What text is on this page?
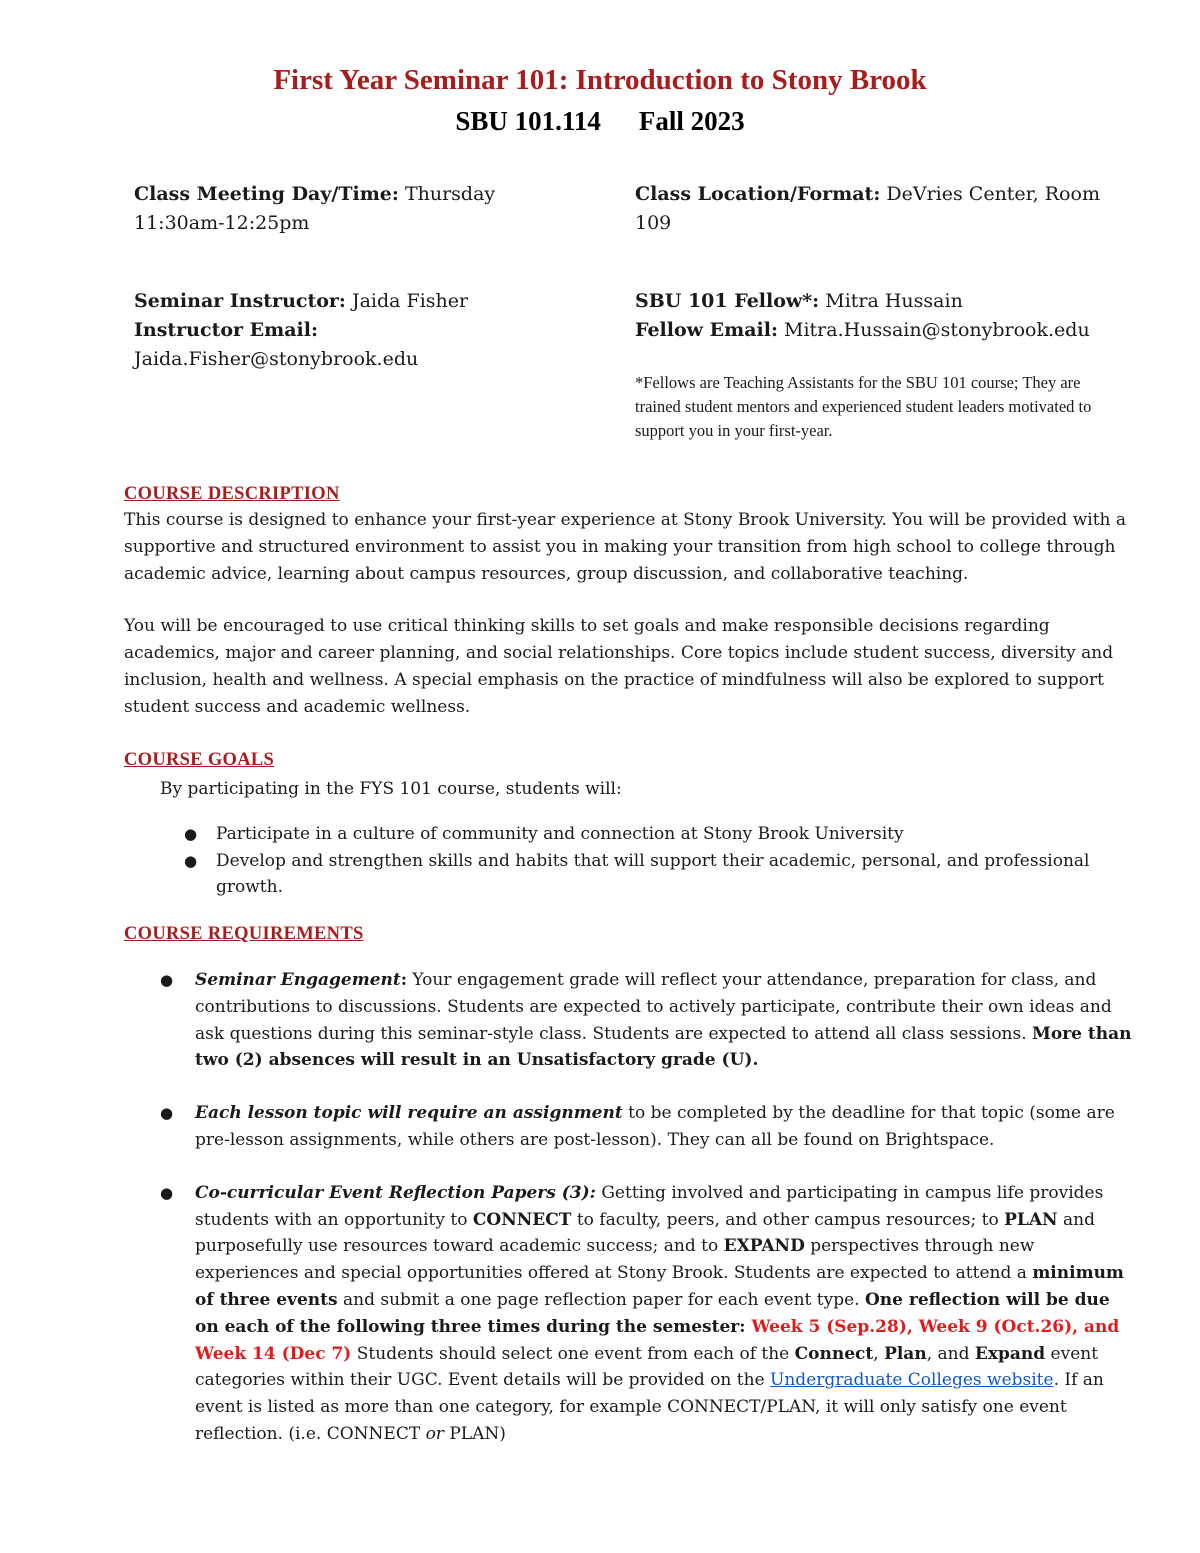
First Year Seminar 101: Introduction to Stony Brook
SBU 101.114 Fall 2023
Class Meeting Day/Time: Thursday 11:30am-12:25pm
Class Location/Format: DeVries Center, Room 109
Seminar Instructor: Jaida Fisher
Instructor Email: Jaida.Fisher@stonybrook.edu
SBU 101 Fellow*: Mitra Hussain
Fellow Email: Mitra.Hussain@stonybrook.edu
*Fellows are Teaching Assistants for the SBU 101 course; They are trained student mentors and experienced student leaders motivated to support you in your first-year.
COURSE DESCRIPTION
This course is designed to enhance your first-year experience at Stony Brook University. You will be provided with a supportive and structured environment to assist you in making your transition from high school to college through academic advice, learning about campus resources, group discussion, and collaborative teaching.
You will be encouraged to use critical thinking skills to set goals and make responsible decisions regarding academics, major and career planning, and social relationships. Core topics include student success, diversity and inclusion, health and wellness. A special emphasis on the practice of mindfulness will also be explored to support student success and academic wellness.
COURSE GOALS
By participating in the FYS 101 course, students will:
● Participate in a culture of community and connection at Stony Brook University
● Develop and strengthen skills and habits that will support their academic, personal, and professional growth.
COURSE REQUIREMENTS
● Seminar Engagement: Your engagement grade will reflect your attendance, preparation for class, and contributions to discussions. Students are expected to actively participate, contribute their own ideas and ask questions during this seminar-style class. Students are expected to attend all class sessions. More than two (2) absences will result in an Unsatisfactory grade (U).
● Each lesson topic will require an assignment to be completed by the deadline for that topic (some are pre-lesson assignments, while others are post-lesson). They can all be found on Brightspace.
● Co-curricular Event Reflection Papers (3): Getting involved and participating in campus life provides students with an opportunity to CONNECT to faculty, peers, and other campus resources; to PLAN and purposefully use resources toward academic success; and to EXPAND perspectives through new experiences and special opportunities offered at Stony Brook. Students are expected to attend a minimum of three events and submit a one page reflection paper for each event type. One reflection will be due on each of the following three times during the semester: Week 5 (Sep.28), Week 9 (Oct.26), and Week 14 (Dec 7) Students should select one event from each of the Connect, Plan, and Expand event categories within their UGC. Event details will be provided on the Undergraduate Colleges website. If an event is listed as more than one category, for example CONNECT/PLAN, it will only satisfy one event reflection. (i.e. CONNECT or PLAN)
